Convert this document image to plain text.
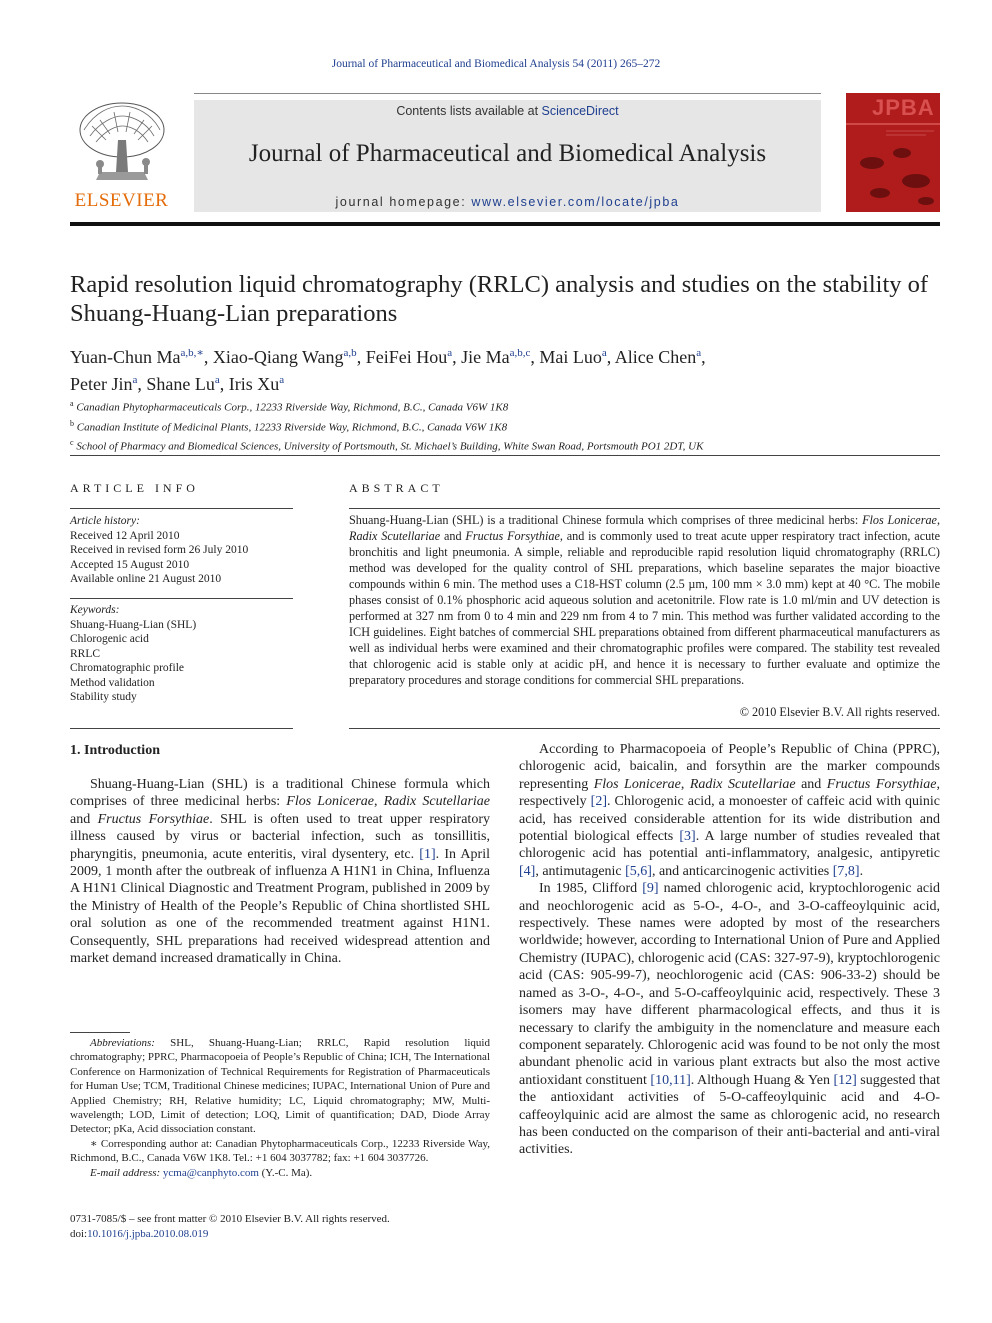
Journal of Pharmaceutical and Biomedical Analysis 54 (2011) 265–272
ELSEVIER
Contents lists available at ScienceDirect
Journal of Pharmaceutical and Biomedical Analysis
journal homepage: www.elsevier.com/locate/jpba
JPBA
Rapid resolution liquid chromatography (RRLC) analysis and studies on the stability of Shuang-Huang-Lian preparations
Yuan-Chun $Ma^{a,b,∗}$, Xiao-Qiang Wang$^{a,b}$, FeiFei Hou$^a$, Jie Ma$^{a,b,c}$, Mai Luo$^a$, Alice Chen$^a$,
Peter Jin$^a$, Shane Lu$^a$, Iris Xu$^a$
$^a$ Canadian Phytopharmaceuticals Corp., 12233 Riverside Way, Richmond, B.C., Canada V6W 1K8
$^b$ Canadian Institute of Medicinal Plants, 12233 Riverside Way, Richmond, B.C., Canada V6W 1K8
$^c$ School of Pharmacy and Biomedical Sciences, University of Portsmouth, St. Michael’s Building, White Swan Road, Portsmouth PO1 2DT, UK
ARTICLE INFO	ABSTRACT
Article history:
Received 12 April 2010
Received in revised form 26 July 2010
Accepted 15 August 2010
Available online 21 August 2010
Keywords:
Shuang-Huang-Lian (SHL)
Chlorogenic acid
RRLC
Chromatographic profile
Method validation
Stability study
Shuang-Huang-Lian (SHL) is a traditional Chinese formula which comprises of three medicinal herbs: Flos Lonicerae, Radix Scutellariae and Fructus Forsythiae, and is commonly used to treat acute upper respiratory tract infection, acute bronchitis and light pneumonia. A simple, reliable and reproducible rapid resolution liquid chromatography (RRLC) method was developed for the quality control of SHL preparations, which baseline separates the major bioactive compounds within 6 min. The method uses a C18-HST column (2.5 µm, 100 mm × 3.0 mm) kept at 40 °C. The mobile phases consist of 0.1% phosphoric acid aqueous solution and acetonitrile. Flow rate is 1.0 ml/min and UV detection is performed at 327 nm from 0 to 4 min and 229 nm from 4 to 7 min. This method was further validated according to the ICH guidelines. Eight batches of commercial SHL preparations obtained from different pharmaceutical manufacturers as well as individual herbs were examined and their chromatographic profiles were compared. The stability test revealed that chlorogenic acid is stable only at acidic pH, and hence it is necessary to further evaluate and optimize the preparatory procedures and storage conditions for commercial SHL preparations.
© 2010 Elsevier B.V. All rights reserved.
1. Introduction

Shuang-Huang-Lian (SHL) is a traditional Chinese formula which comprises of three medicinal herbs: Flos Lonicerae, Radix Scutellariae and Fructus Forsythiae. SHL is often used to treat upper respiratory illness caused by virus or bacterial infection, such as tonsillitis, pharyngitis, pneumonia, acute enteritis, viral dysentery, etc. [1]. In April 2009, 1 month after the outbreak of influenza A H1N1 in China, Influenza A H1N1 Clinical Diagnostic and Treatment Program, published in 2009 by the Ministry of Health of the People’s Republic of China shortlisted SHL oral solution as one of the recommended treatment against H1N1. Consequently, SHL preparations had received widespread attention and market demand increased dramatically in China.

According to Pharmacopoeia of People’s Republic of China (PPRC), chlorogenic acid, baicalin, and forsythin are the marker compounds representing Flos Lonicerae, Radix Scutellariae and Fructus Forsythiae, respectively [2]. Chlorogenic acid, a monoester of caffeic acid with quinic acid, has received considerable attention for its wide distribution and potential biological effects [3]. A large number of studies revealed that chlorogenic acid has potential anti-inflammatory, analgesic, antipyretic [4], antimutagenic [5,6], and anticarcinogenic activities [7,8].

In 1985, Clifford [9] named chlorogenic acid, kryptochlorogenic acid and neochlorogenic acid as 5-O-, 4-O-, and 3-O-caffeoylquinic acid, respectively. These names were adopted by most of the researchers worldwide; however, according to International Union of Pure and Applied Chemistry (IUPAC), chlorogenic acid (CAS: 327-97-9), kryptochlorogenic acid (CAS: 905-99-7), neochlorogenic acid (CAS: 906-33-2) should be named as 3-O-, 4-O-, and 5-O-caffeoylquinic acid, respectively. These 3 isomers may have different pharmacological effects, and thus it is necessary to clarify the ambiguity in the nomenclature and measure each component separately. Chlorogenic acid was found to be not only the most abundant phenolic acid in various plant extracts but also the most active antioxidant constituent [10,11]. Although Huang & Yen [12] suggested that the antioxidant activities of 5-O-caffeoylquinic acid and 4-O-caffeoylquinic acid are almost the same as chlorogenic acid, no research has been conducted on the comparison of their anti-bacterial and anti-viral activities.

Abbreviations: SHL, Shuang-Huang-Lian; RRLC, Rapid resolution liquid chromatography; PPRC, Pharmacopoeia of People’s Republic of China; ICH, The International Conference on Harmonization of Technical Requirements for Registration of Pharmaceuticals for Human Use; TCM, Traditional Chinese medicines; IUPAC, International Union of Pure and Applied Chemistry; RH, Relative humidity; LC, Liquid chromatography; MW, Multi-wavelength; LOD, Limit of detection; LOQ, Limit of quantification; DAD, Diode Array Detector; pKa, Acid dissociation constant.

∗ Corresponding author at: Canadian Phytopharmaceuticals Corp., 12233 Riverside Way, Richmond, B.C., Canada V6W 1K8. Tel.: +1 604 3037782; fax: +1 604 3037726.

E-mail address: ycma@canphyto.com (Y.-C. Ma).

0731-7085/$ – see front matter © 2010 Elsevier B.V. All rights reserved.
doi:10.1016/j.jpba.2010.08.019
